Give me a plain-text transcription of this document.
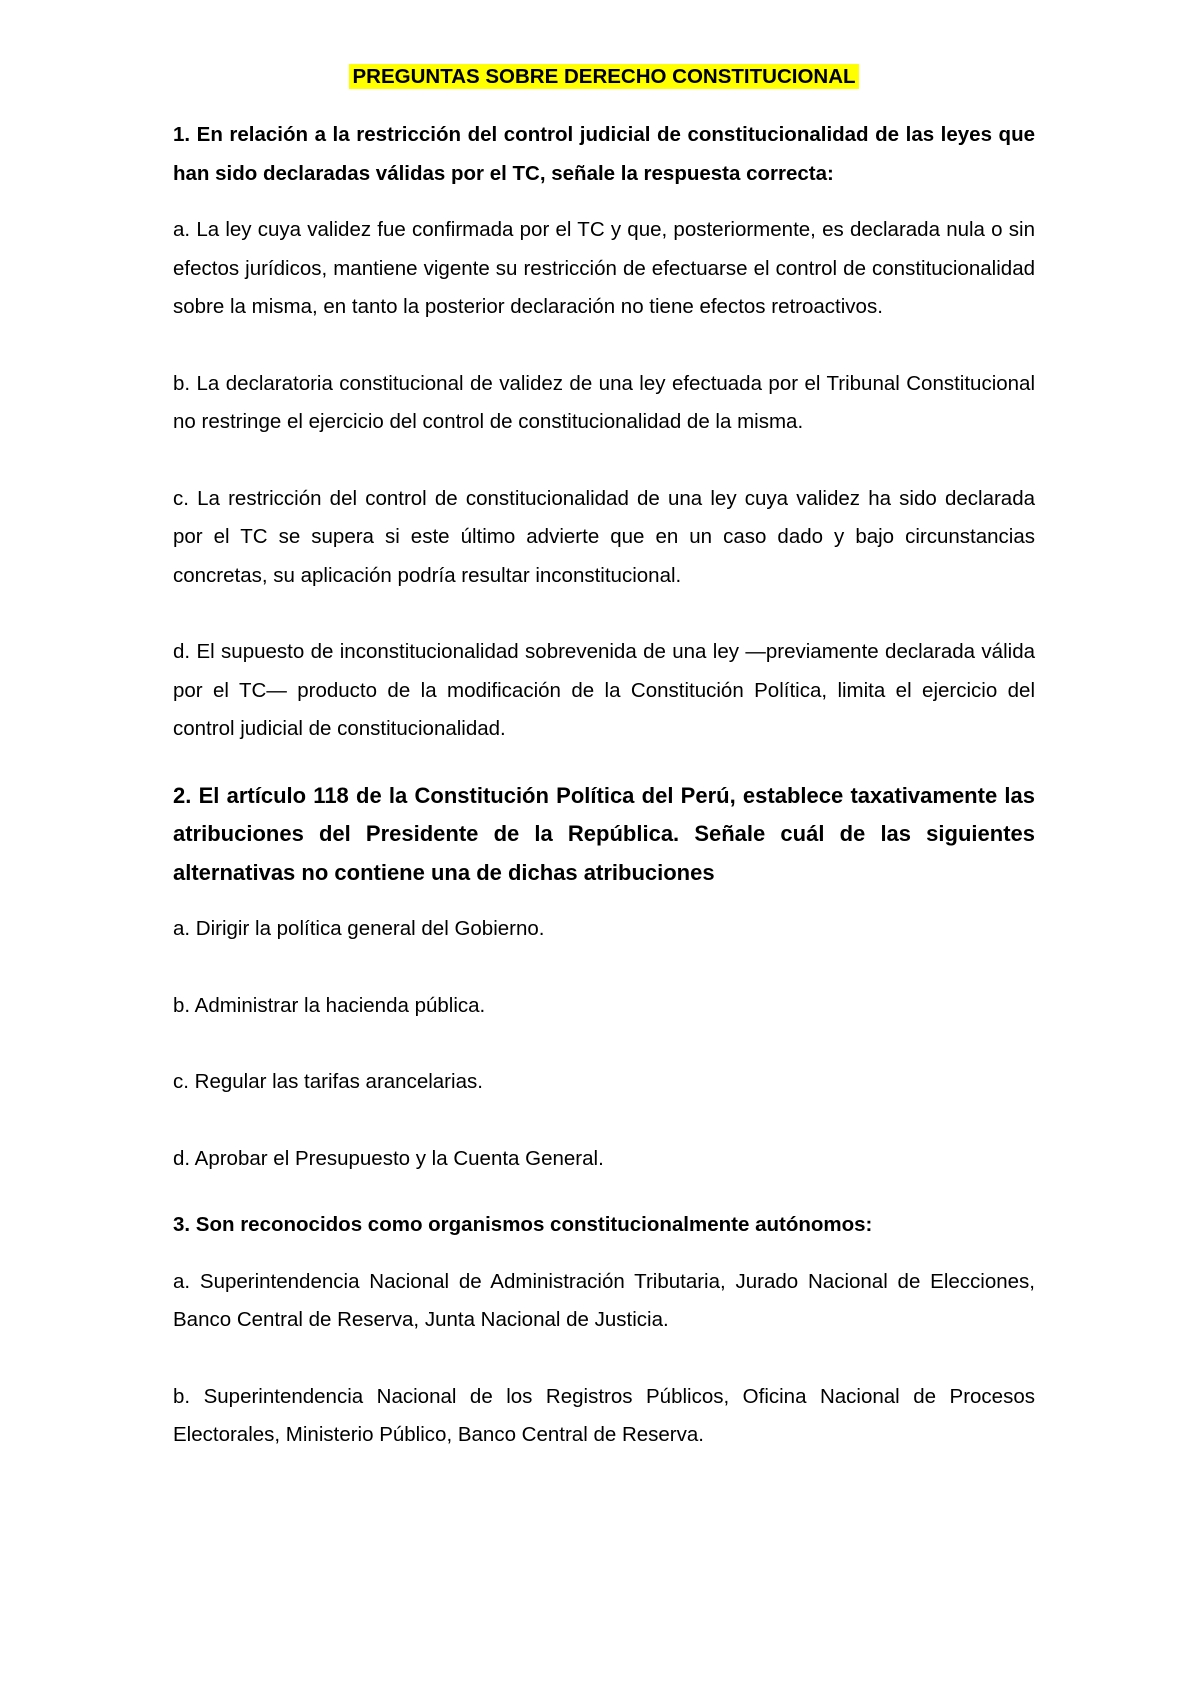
PREGUNTAS SOBRE DERECHO CONSTITUCIONAL
1. En relación a la restricción del control judicial de constitucionalidad de las leyes que han sido declaradas válidas por el TC, señale la respuesta correcta:
a. La ley cuya validez fue confirmada por el TC y que, posteriormente, es declarada nula o sin efectos jurídicos, mantiene vigente su restricción de efectuarse el control de constitucionalidad sobre la misma, en tanto la posterior declaración no tiene efectos retroactivos.
b. La declaratoria constitucional de validez de una ley efectuada por el Tribunal Constitucional no restringe el ejercicio del control de constitucionalidad de la misma.
c. La restricción del control de constitucionalidad de una ley cuya validez ha sido declarada por el TC se supera si este último advierte que en un caso dado y bajo circunstancias concretas, su aplicación podría resultar inconstitucional.
d. El supuesto de inconstitucionalidad sobrevenida de una ley —previamente declarada válida por el TC— producto de la modificación de la Constitución Política, limita el ejercicio del control judicial de constitucionalidad.
2. El artículo 118 de la Constitución Política del Perú, establece taxativamente las atribuciones del Presidente de la República. Señale cuál de las siguientes alternativas no contiene una de dichas atribuciones
a. Dirigir la política general del Gobierno.
b. Administrar la hacienda pública.
c. Regular las tarifas arancelarias.
d. Aprobar el Presupuesto y la Cuenta General.
3. Son reconocidos como organismos constitucionalmente autónomos:
a. Superintendencia Nacional de Administración Tributaria, Jurado Nacional de Elecciones, Banco Central de Reserva, Junta Nacional de Justicia.
b. Superintendencia Nacional de los Registros Públicos, Oficina Nacional de Procesos Electorales, Ministerio Público, Banco Central de Reserva.
